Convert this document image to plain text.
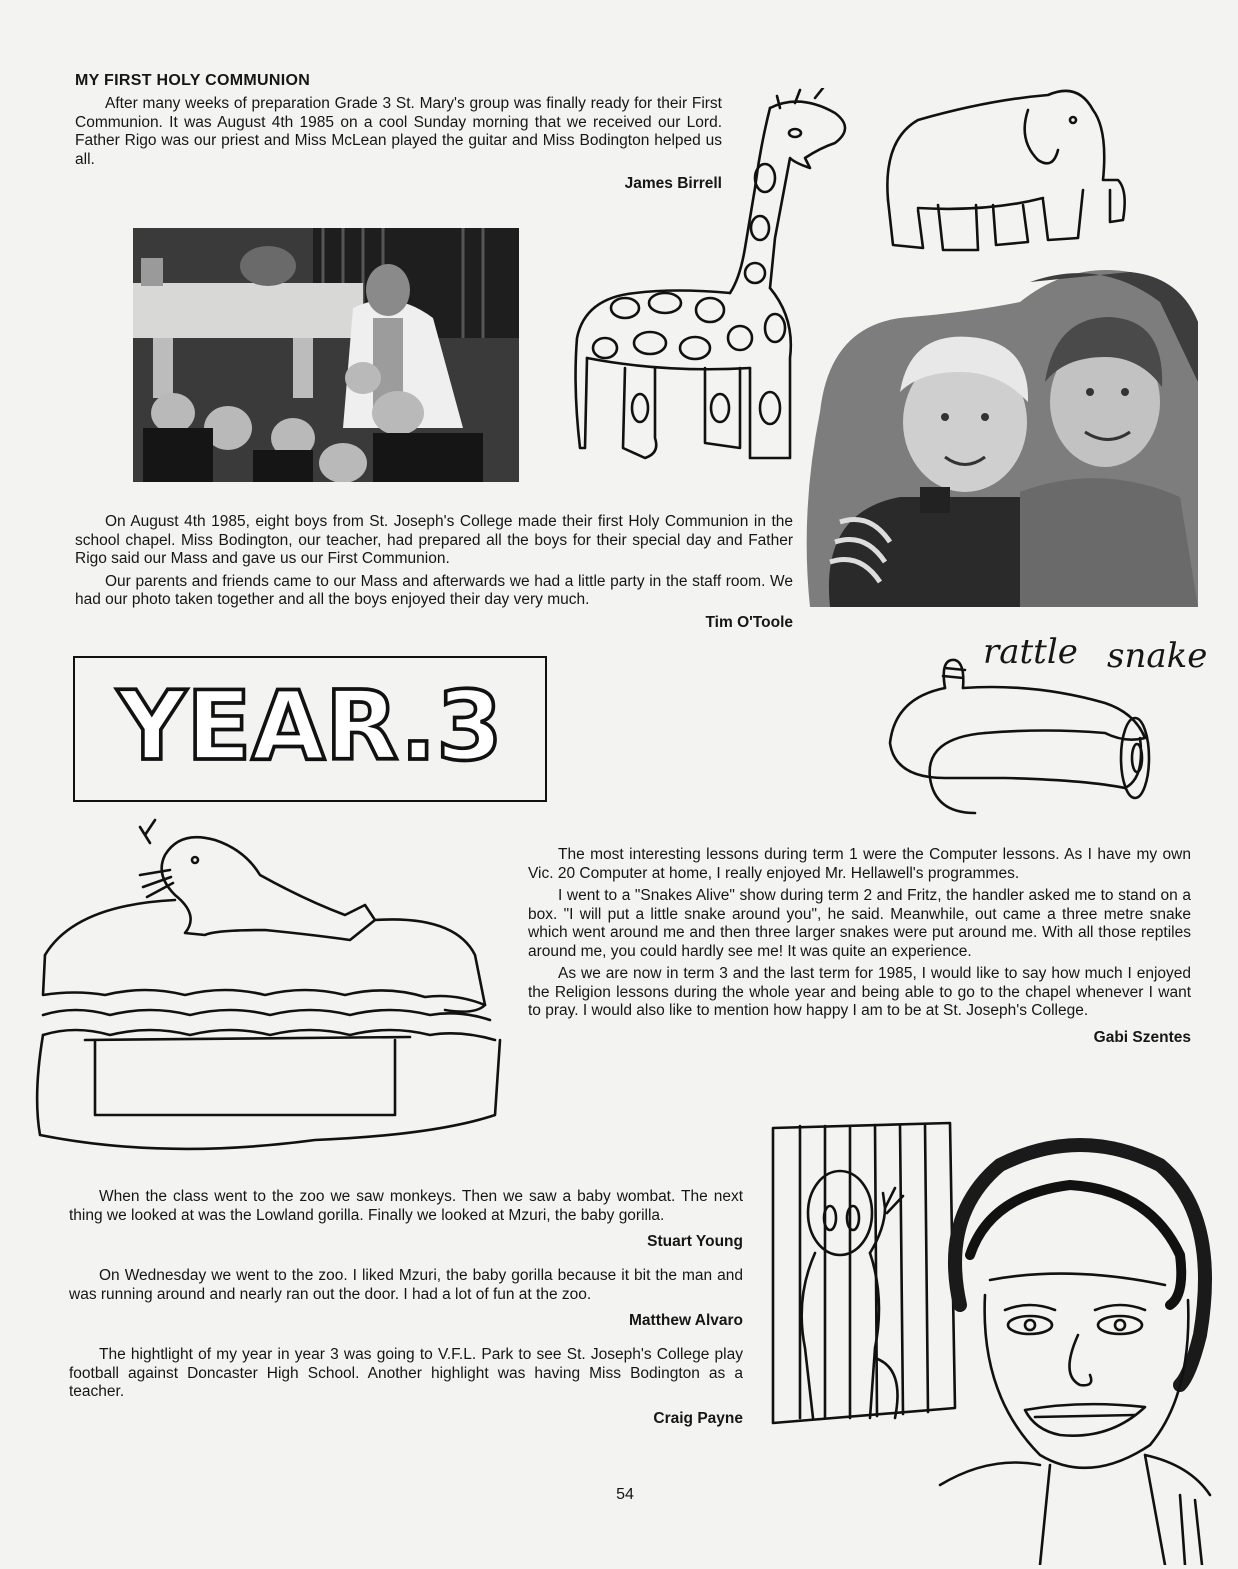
MY FIRST HOLY COMMUNION

After many weeks of preparation Grade 3 St. Mary's group was finally ready for their First Communion. It was August 4th 1985 on a cool Sunday morning that we received our Lord. Father Rigo was our priest and Miss McLean played the guitar and Miss Bodington helped us all.

James Birrell

On August 4th 1985, eight boys from St. Joseph's College made their first Holy Communion in the school chapel. Miss Bodington, our teacher, had prepared all the boys for their special day and Father Rigo said our Mass and gave us our First Communion.

Our parents and friends came to our Mass and afterwards we had a little party in the staff room. We had our photo taken together and all the boys enjoyed their day very much.

Tim O'Toole
YEAR.3
rattle snake

The most interesting lessons during term 1 were the Computer lessons. As I have my own Vic. 20 Computer at home, I really enjoyed Mr. Hellawell's programmes.

I went to a "Snakes Alive" show during term 2 and Fritz, the handler asked me to stand on a box. "I will put a little snake around you", he said. Meanwhile, out came a three metre snake which went around me and then three larger snakes were put around me. With all those reptiles around me, you could hardly see me! It was quite an experience.

As we are now in term 3 and the last term for 1985, I would like to say how much I enjoyed the Religion lessons during the whole year and being able to go to the chapel whenever I want to pray. I would also like to mention how happy I am to be at St. Joseph's College.

Gabi Szentes

When the class went to the zoo we saw monkeys. Then we saw a baby wombat. The next thing we looked at was the Lowland gorilla. Finally we looked at Mzuri, the baby gorilla.

Stuart Young

On Wednesday we went to the zoo. I liked Mzuri, the baby gorilla because it bit the man and was running around and nearly ran out the door. I had a lot of fun at the zoo.

Matthew Alvaro

The hightlight of my year in year 3 was going to V.F.L. Park to see St. Joseph's College play football against Doncaster High School. Another highlight was having Miss Bodington as a teacher.

Craig Payne
54
